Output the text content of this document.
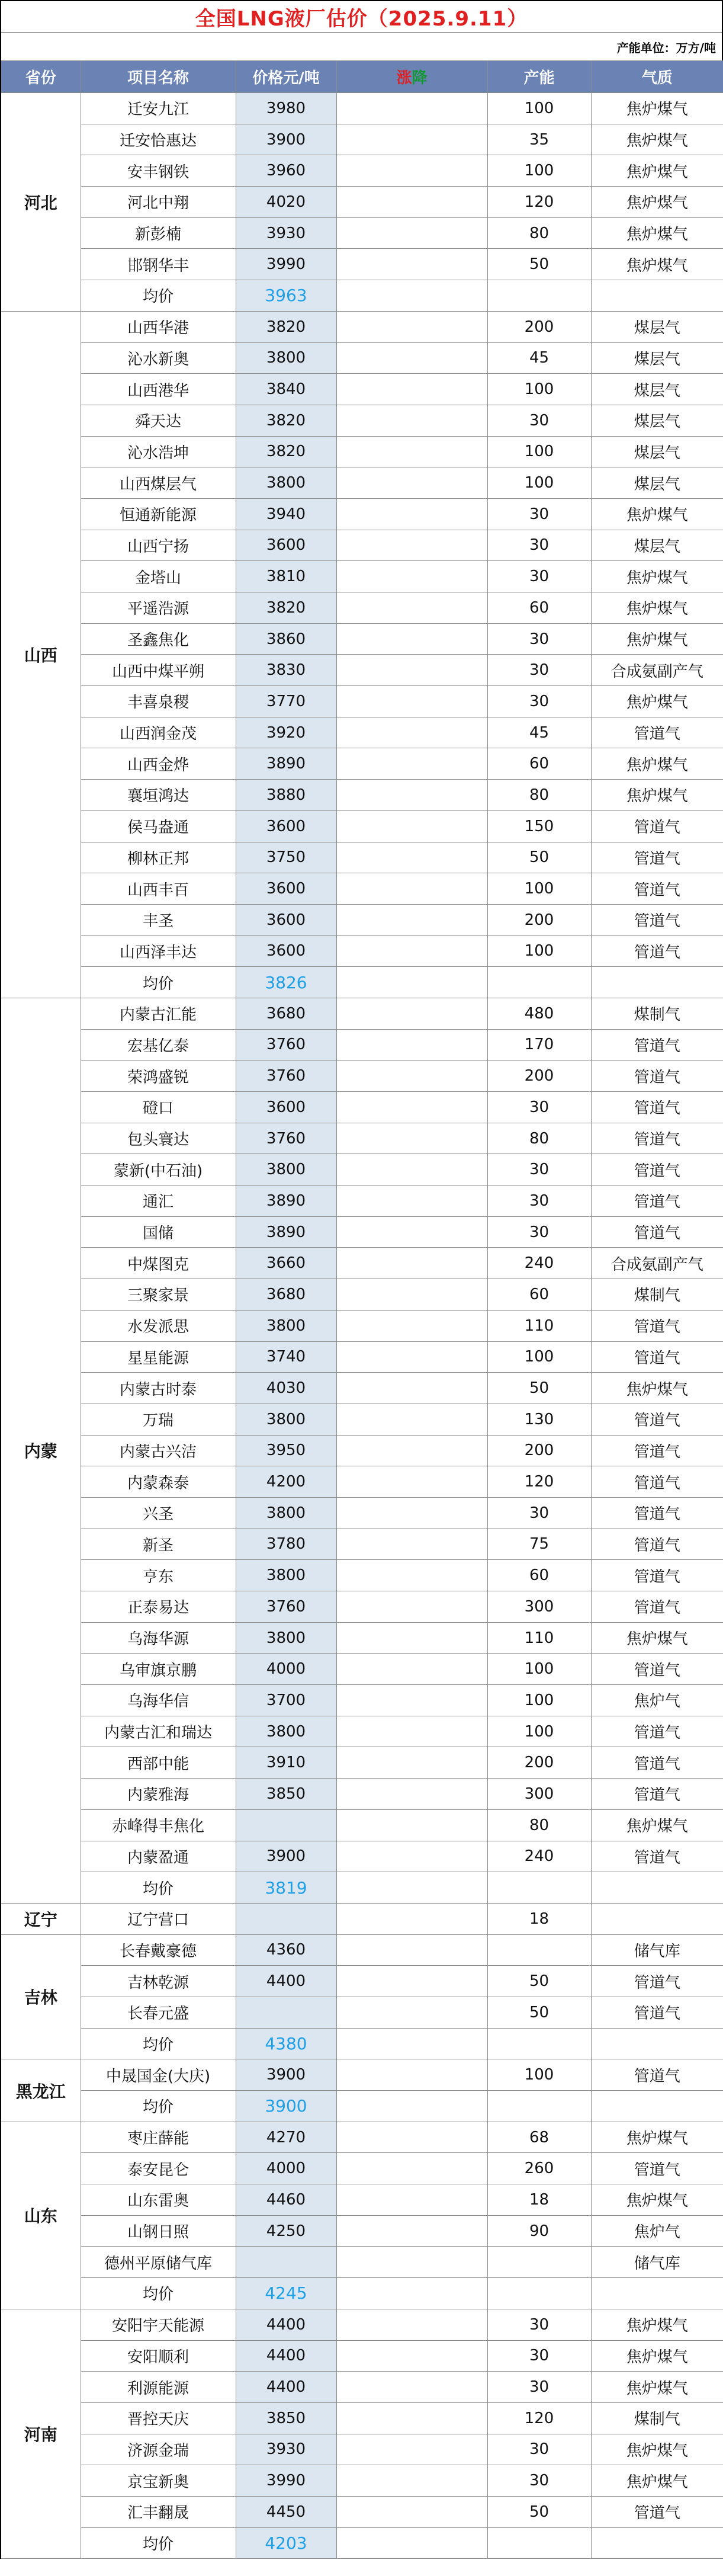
全国LNG液厂估价（2025.9.11）
产能单位：万方/吨
省份	项目名称	价格元/吨	涨降	产能	气质
河北	迁安九江	3980		100	焦炉煤气
	迁安恰惠达	3900		35	焦炉煤气
	安丰钢铁	3960		100	焦炉煤气
	河北中翔	4020		120	焦炉煤气
	新彭楠	3930		80	焦炉煤气
	邯钢华丰	3990		50	焦炉煤气
	均价	3963			
山西	山西华港	3820		200	煤层气
	沁水新奥	3800		45	煤层气
	山西港华	3840		100	煤层气
	舜天达	3820		30	煤层气
	沁水浩坤	3820		100	煤层气
	山西煤层气	3800		100	煤层气
	恒通新能源	3940		30	焦炉煤气
	山西宁扬	3600		30	煤层气
	金塔山	3810		30	焦炉煤气
	平遥浩源	3820		60	焦炉煤气
	圣鑫焦化	3860		30	焦炉煤气
	山西中煤平朔	3830		30	合成氨副产气
	丰喜泉稷	3770		30	焦炉煤气
	山西润金茂	3920		45	管道气
	山西金烨	3890		60	焦炉煤气
	襄垣鸿达	3880		80	焦炉煤气
	侯马盎通	3600		150	管道气
	柳林正邦	3750		50	管道气
	山西丰百	3600		100	管道气
	丰圣	3600		200	管道气
	山西泽丰达	3600		100	管道气
	均价	3826			
内蒙	内蒙古汇能	3680		480	煤制气
	宏基亿泰	3760		170	管道气
	荣鸿盛锐	3760		200	管道气
	磴口	3600		30	管道气
	包头寰达	3760		80	管道气
	蒙新(中石油)	3800		30	管道气
	通汇	3890		30	管道气
	国储	3890		30	管道气
	中煤图克	3660		240	合成氨副产气
	三聚家景	3680		60	煤制气
	水发派思	3800		110	管道气
	星星能源	3740		100	管道气
	内蒙古时泰	4030		50	焦炉煤气
	万瑞	3800		130	管道气
	内蒙古兴洁	3950		200	管道气
	内蒙森泰	4200		120	管道气
	兴圣	3800		30	管道气
	新圣	3780		75	管道气
	亨东	3800		60	管道气
	正泰易达	3760		300	管道气
	乌海华源	3800		110	焦炉煤气
	乌审旗京鹏	4000		100	管道气
	乌海华信	3700		100	焦炉气
	内蒙古汇和瑞达	3800		100	管道气
	西部中能	3910		200	管道气
	内蒙雅海	3850		300	管道气
	赤峰得丰焦化			80	焦炉煤气
	内蒙盈通	3900		240	管道气
	均价	3819			
辽宁	辽宁营口			18	
吉林	长春戴豪德	4360			储气库
	吉林乾源	4400		50	管道气
	长春元盛			50	管道气
	均价	4380			
黑龙江	中晟国金(大庆)	3900		100	管道气
	均价	3900			
山东	枣庄薛能	4270		68	焦炉煤气
	泰安昆仑	4000		260	管道气
	山东雷奥	4460		18	焦炉煤气
	山钢日照	4250		90	焦炉气
	德州平原储气库				储气库
	均价	4245			
河南	安阳宇天能源	4400		30	焦炉煤气
	安阳顺利	4400		30	焦炉煤气
	利源能源	4400		30	焦炉煤气
	晋控天庆	3850		120	煤制气
	济源金瑞	3930		30	焦炉煤气
	京宝新奥	3990		30	焦炉煤气
	汇丰翻晟	4450		50	管道气
	均价	4203			
